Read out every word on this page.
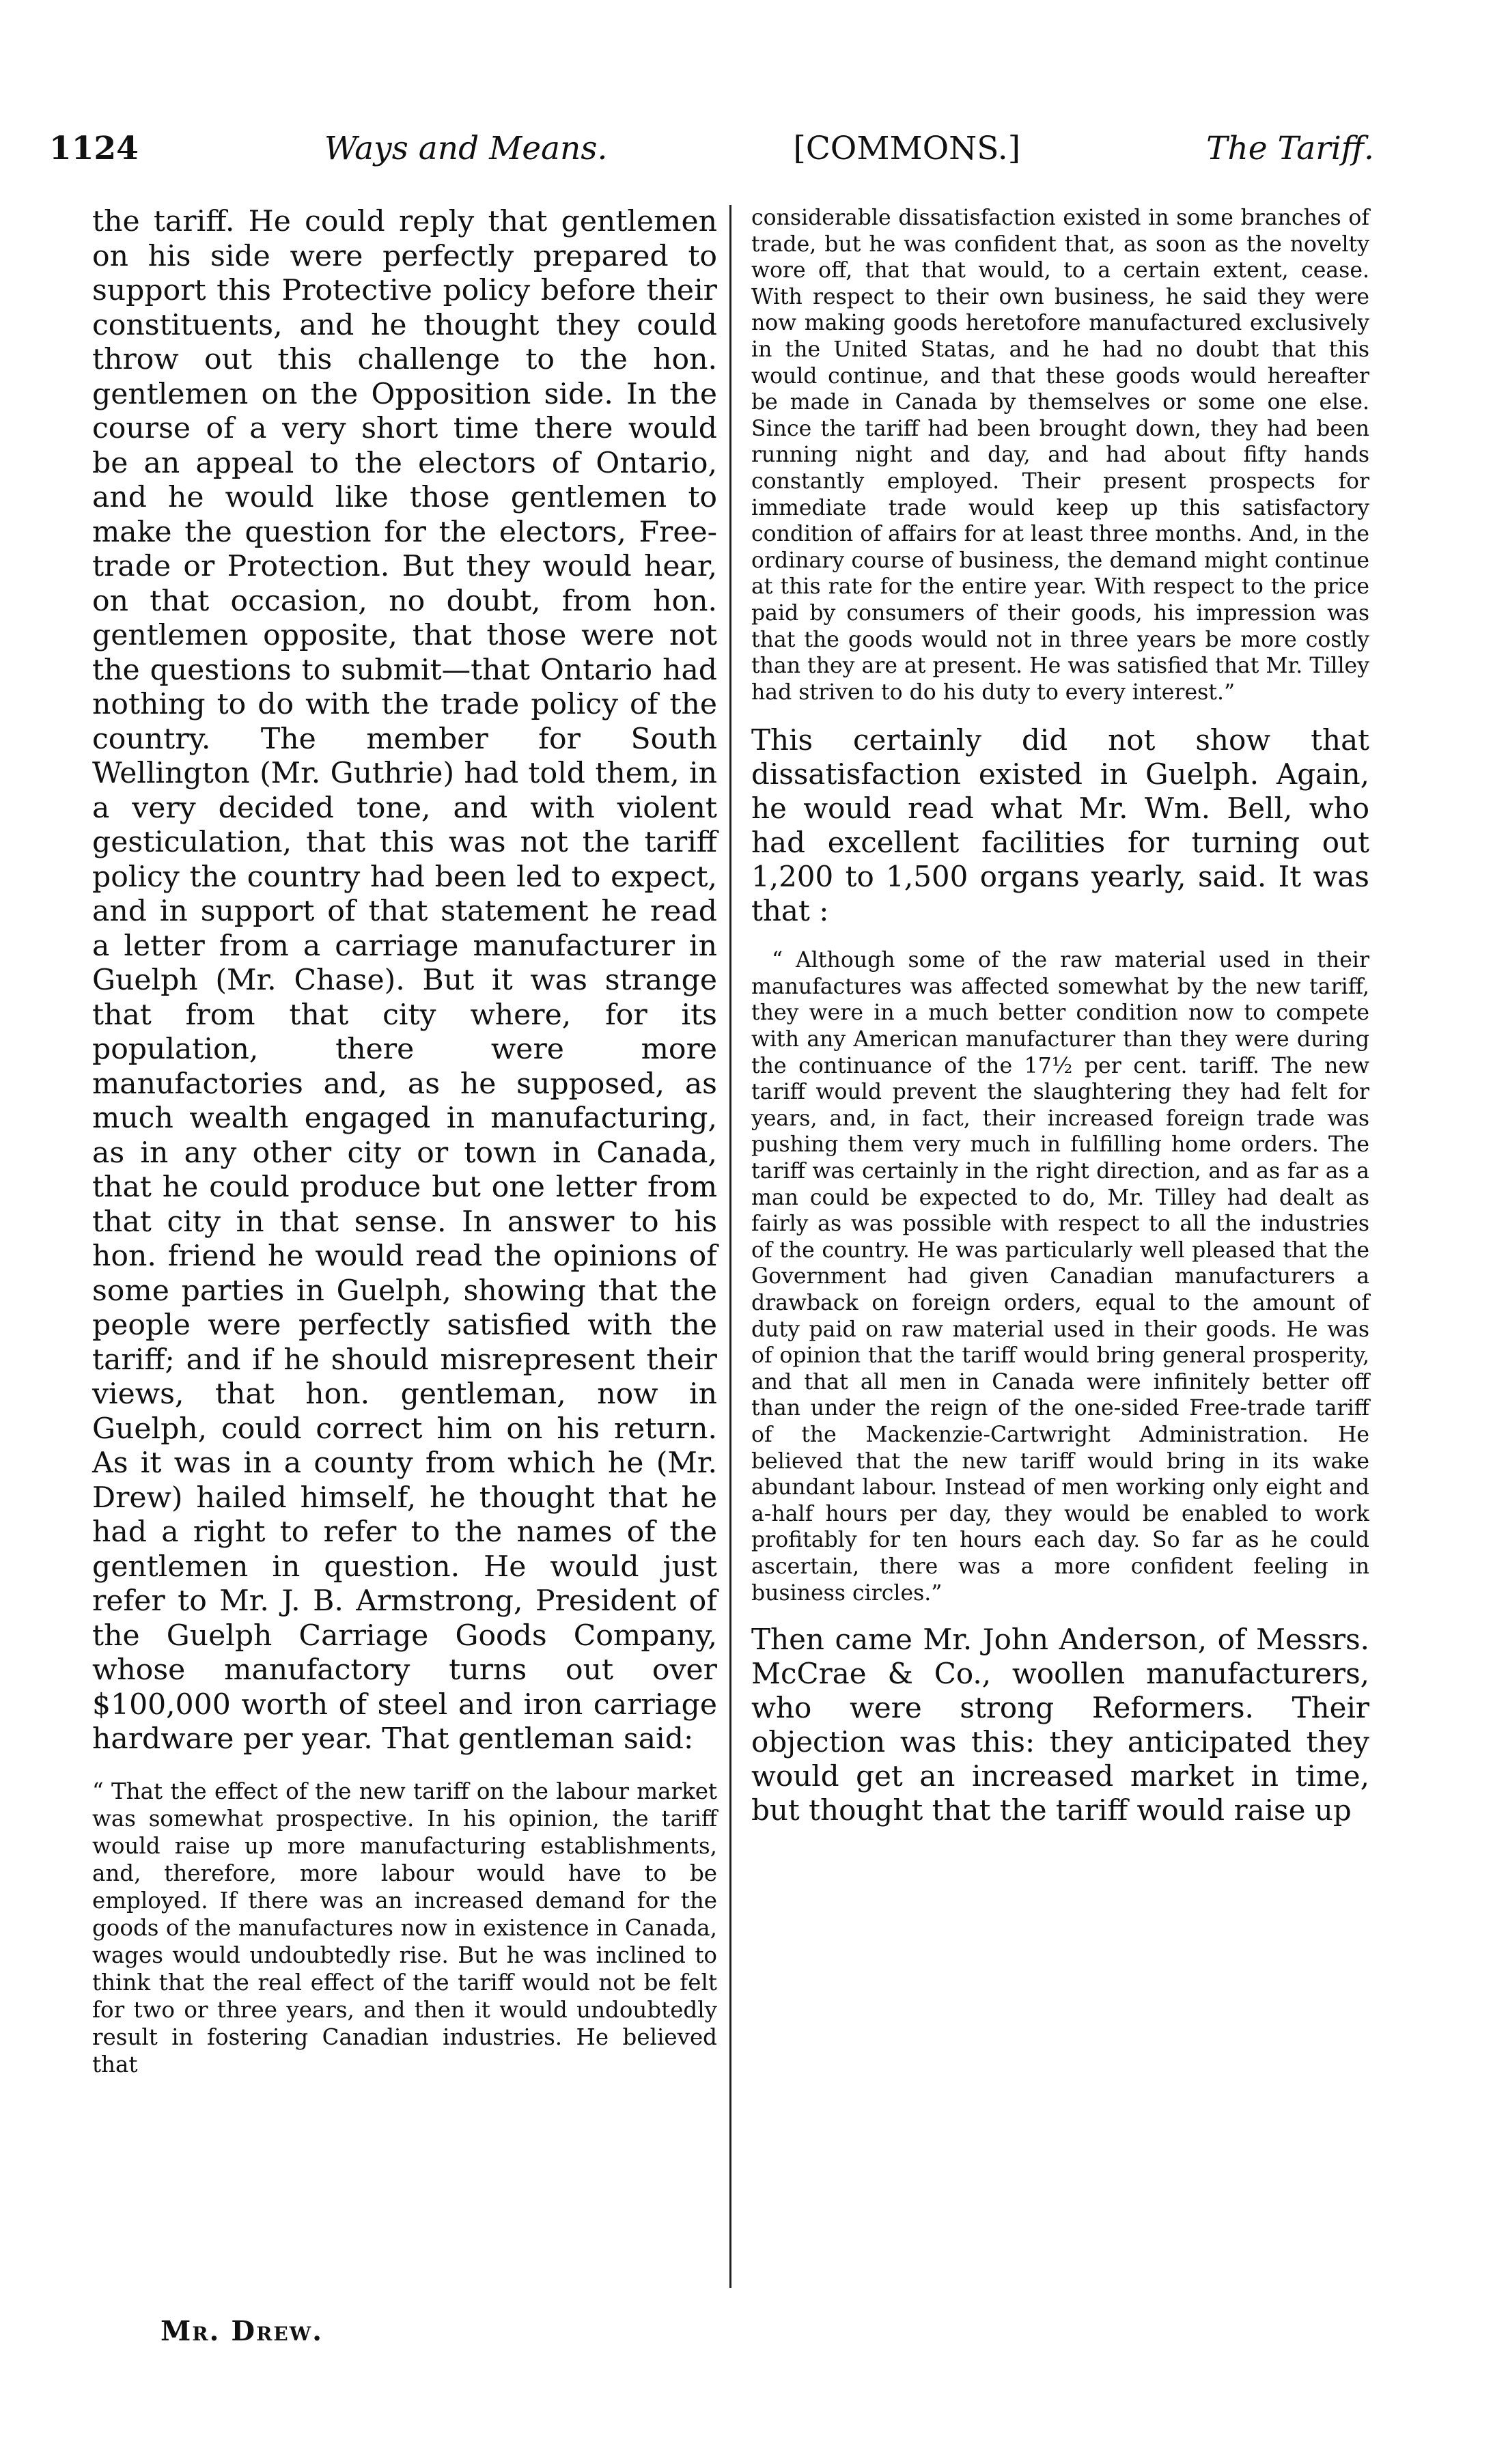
1124	Ways and Means.	[COMMONS.]	The Tariff.

the tariff. He could reply that gentlemen on his side were perfectly prepared to support this Protective policy before their constituents, and he thought they could throw out this challenge to the hon. gentlemen on the Opposition side. In the course of a very short time there would be an appeal to the electors of Ontario, and he would like those gentlemen to make the question for the electors, Free-trade or Protection. But they would hear, on that occasion, no doubt, from hon. gentlemen opposite, that those were not the questions to submit—that Ontario had nothing to do with the trade policy of the country. The member for South Wellington (Mr. Guthrie) had told them, in a very decided tone, and with violent gesticulation, that this was not the tariff policy the country had been led to expect, and in support of that statement he read a letter from a carriage manufacturer in Guelph (Mr. Chase). But it was strange that from that city where, for its population, there were more manufactories and, as he supposed, as much wealth engaged in manufacturing, as in any other city or town in Canada, that he could produce but one letter from that city in that sense. In answer to his hon. friend he would read the opinions of some parties in Guelph, showing that the people were perfectly satisfied with the tariff; and if he should misrepresent their views, that hon. gentleman, now in Guelph, could correct him on his return. As it was in a county from which he (Mr. Drew) hailed himself, he thought that he had a right to refer to the names of the gentlemen in question. He would just refer to Mr. J. B. Armstrong, President of the Guelph Carriage Goods Company, whose manufactory turns out over $100,000 worth of steel and iron carriage hardware per year. That gentleman said:

“ That the effect of the new tariff on the labour market was somewhat prospective. In his opinion, the tariff would raise up more manufacturing establishments, and, therefore, more labour would have to be employed. If there was an increased demand for the goods of the manufactures now in existence in Canada, wages would undoubtedly rise. But he was inclined to think that the real effect of the tariff would not be felt for two or three years, and then it would undoubtedly result in fostering Canadian industries. He believed that

considerable dissatisfaction existed in some branches of trade, but he was confident that, as soon as the novelty wore off, that that would, to a certain extent, cease. With respect to their own business, he said they were now making goods heretofore manufactured exclusively in the United Statas, and he had no doubt that this would continue, and that these goods would hereafter be made in Canada by themselves or some one else. Since the tariff had been brought down, they had been running night and day, and had about fifty hands constantly employed. Their present prospects for immediate trade would keep up this satisfactory condition of affairs for at least three months. And, in the ordinary course of business, the demand might continue at this rate for the entire year. With respect to the price paid by consumers of their goods, his impression was that the goods would not in three years be more costly than they are at present. He was satisfied that Mr. Tilley had striven to do his duty to every interest.”

This certainly did not show that dissatisfaction existed in Guelph. Again, he would read what Mr. Wm. Bell, who had excellent facilities for turning out 1,200 to 1,500 organs yearly, said. It was that :

“ Although some of the raw material used in their manufactures was affected somewhat by the new tariff, they were in a much better condition now to compete with any American manufacturer than they were during the continuance of the 17½ per cent. tariff. The new tariff would prevent the slaughtering they had felt for years, and, in fact, their increased foreign trade was pushing them very much in fulfilling home orders. The tariff was certainly in the right direction, and as far as a man could be expected to do, Mr. Tilley had dealt as fairly as was possible with respect to all the industries of the country. He was particularly well pleased that the Government had given Canadian manufacturers a drawback on foreign orders, equal to the amount of duty paid on raw material used in their goods. He was of opinion that the tariff would bring general prosperity, and that all men in Canada were infinitely better off than under the reign of the one-sided Free-trade tariff of the Mackenzie-Cartwright Administration. He believed that the new tariff would bring in its wake abundant labour. Instead of men working only eight and a-half hours per day, they would be enabled to work profitably for ten hours each day. So far as he could ascertain, there was a more confident feeling in business circles.”

Then came Mr. John Anderson, of Messrs. McCrae & Co., woollen manufacturers, who were strong Reformers. Their objection was this: they anticipated they would get an increased market in time, but thought that the tariff would raise up

Mr. Drew.
